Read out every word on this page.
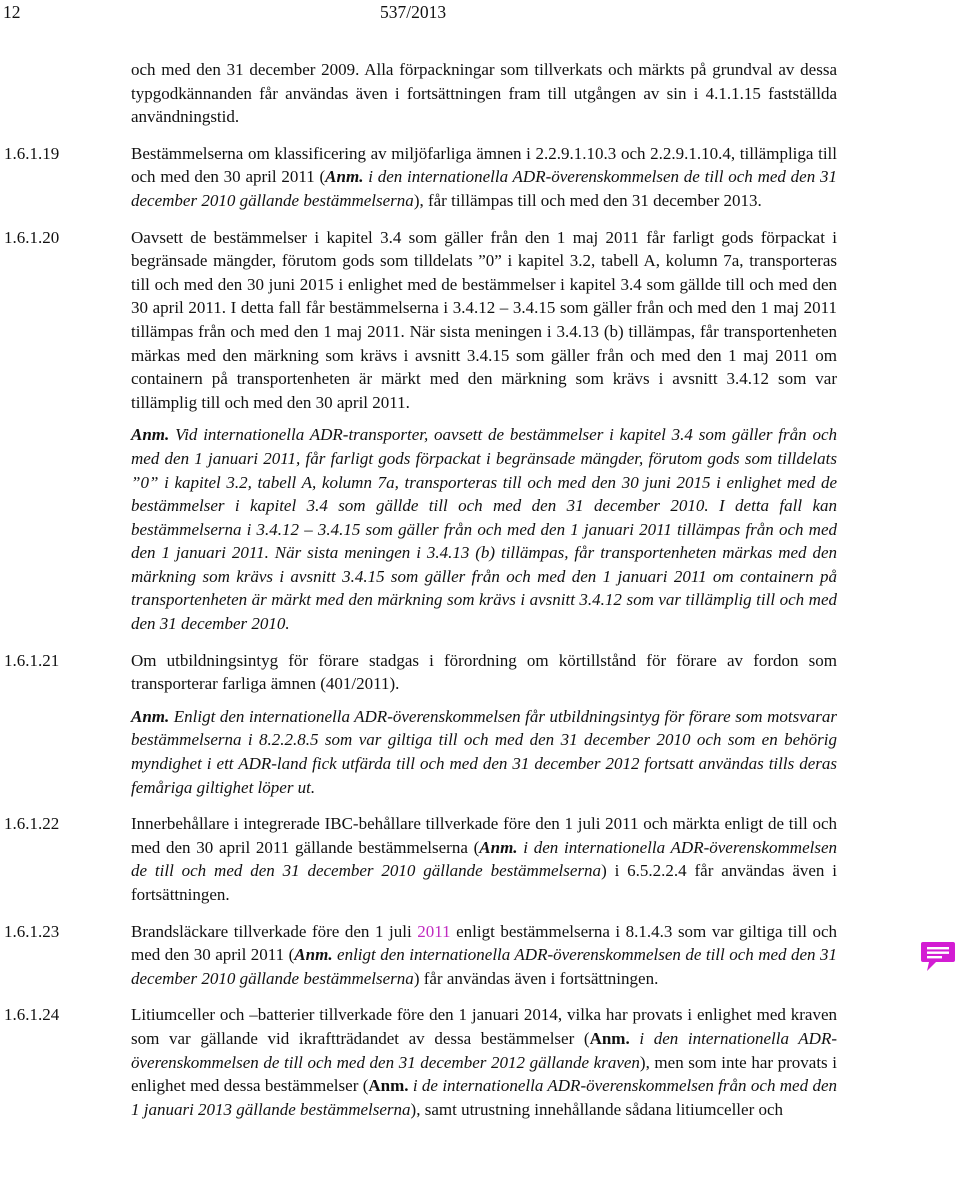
12	537/2013
och med den 31 december 2009. Alla förpackningar som tillverkats och märkts på grundval av dessa typgodkännanden får användas även i fortsättningen fram till utgången av sin i 4.1.1.15 fastställda användningstid.
1.6.1.19	Bestämmelserna om klassificering av miljöfarliga ämnen i 2.2.9.1.10.3 och 2.2.9.1.10.4, tillämpliga till och med den 30 april 2011 (Anm. i den internationella ADR-överenskommelsen de till och med den 31 december 2010 gällande bestämmelserna), får tillämpas till och med den 31 december 2013.
1.6.1.20	Oavsett de bestämmelser i kapitel 3.4 som gäller från den 1 maj 2011 får farligt gods förpackat i begränsade mängder, förutom gods som tilldelats ”0” i kapitel 3.2, tabell A, kolumn 7a, transporteras till och med den 30 juni 2015 i enlighet med de bestämmelser i kapitel 3.4 som gällde till och med den 30 april 2011. I detta fall får bestämmelserna i 3.4.12 – 3.4.15 som gäller från och med den 1 maj 2011 tillämpas från och med den 1 maj 2011. När sista meningen i 3.4.13 (b) tillämpas, får transportenheten märkas med den märkning som krävs i avsnitt 3.4.15 som gäller från och med den 1 maj 2011 om containern på transportenheten är märkt med den märkning som krävs i avsnitt 3.4.12 som var tillämplig till och med den 30 april 2011.
Anm. Vid internationella ADR-transporter, oavsett de bestämmelser i kapitel 3.4 som gäller från och med den 1 januari 2011, får farligt gods förpackat i begränsade mängder, förutom gods som tilldelats ”0” i kapitel 3.2, tabell A, kolumn 7a, transporteras till och med den 30 juni 2015 i enlighet med de bestämmelser i kapitel 3.4 som gällde till och med den 31 december 2010. I detta fall kan bestämmelserna i 3.4.12 – 3.4.15 som gäller från och med den 1 januari 2011 tillämpas från och med den 1 januari 2011. När sista meningen i 3.4.13 (b) tillämpas, får transportenheten märkas med den märkning som krävs i avsnitt 3.4.15 som gäller från och med den 1 januari 2011 om containern på transportenheten är märkt med den märkning som krävs i avsnitt 3.4.12 som var tillämplig till och med den 31 december 2010.
1.6.1.21	Om utbildningsintyg för förare stadgas i förordning om körtillstånd för förare av fordon som transporterar farliga ämnen (401/2011).
Anm. Enligt den internationella ADR-överenskommelsen får utbildningsintyg för förare som motsvarar bestämmelserna i 8.2.2.8.5 som var giltiga till och med den 31 december 2010 och som en behörig myndighet i ett ADR-land fick utfärda till och med den 31 december 2012 fortsatt användas tills deras femåriga giltighet löper ut.
1.6.1.22	Innerbehållare i integrerade IBC-behållare tillverkade före den 1 juli 2011 och märkta enligt de till och med den 30 april 2011 gällande bestämmelserna (Anm. i den internationella ADR-överenskommelsen de till och med den 31 december 2010 gällande bestämmelserna) i 6.5.2.2.4 får användas även i fortsättningen.
1.6.1.23	Brandsläckare tillverkade före den 1 juli 2011 enligt bestämmelserna i 8.1.4.3 som var giltiga till och med den 30 april 2011 (Anm. enligt den internationella ADR-överenskommelsen de till och med den 31 december 2010 gällande bestämmelserna) får användas även i fortsättningen.
1.6.1.24	Litiumceller och –batterier tillverkade före den 1 januari 2014, vilka har provats i enlighet med kraven som var gällande vid ikraftträdandet av dessa bestämmelser (Anm. i den internationella ADR-överenskommelsen de till och med den 31 december 2012 gällande kraven), men som inte har provats i enlighet med dessa bestämmelser (Anm. i de internationella ADR-överenskommelsen från och med den 1 januari 2013 gällande bestämmelserna), samt utrustning innehållande sådana litiumceller och
